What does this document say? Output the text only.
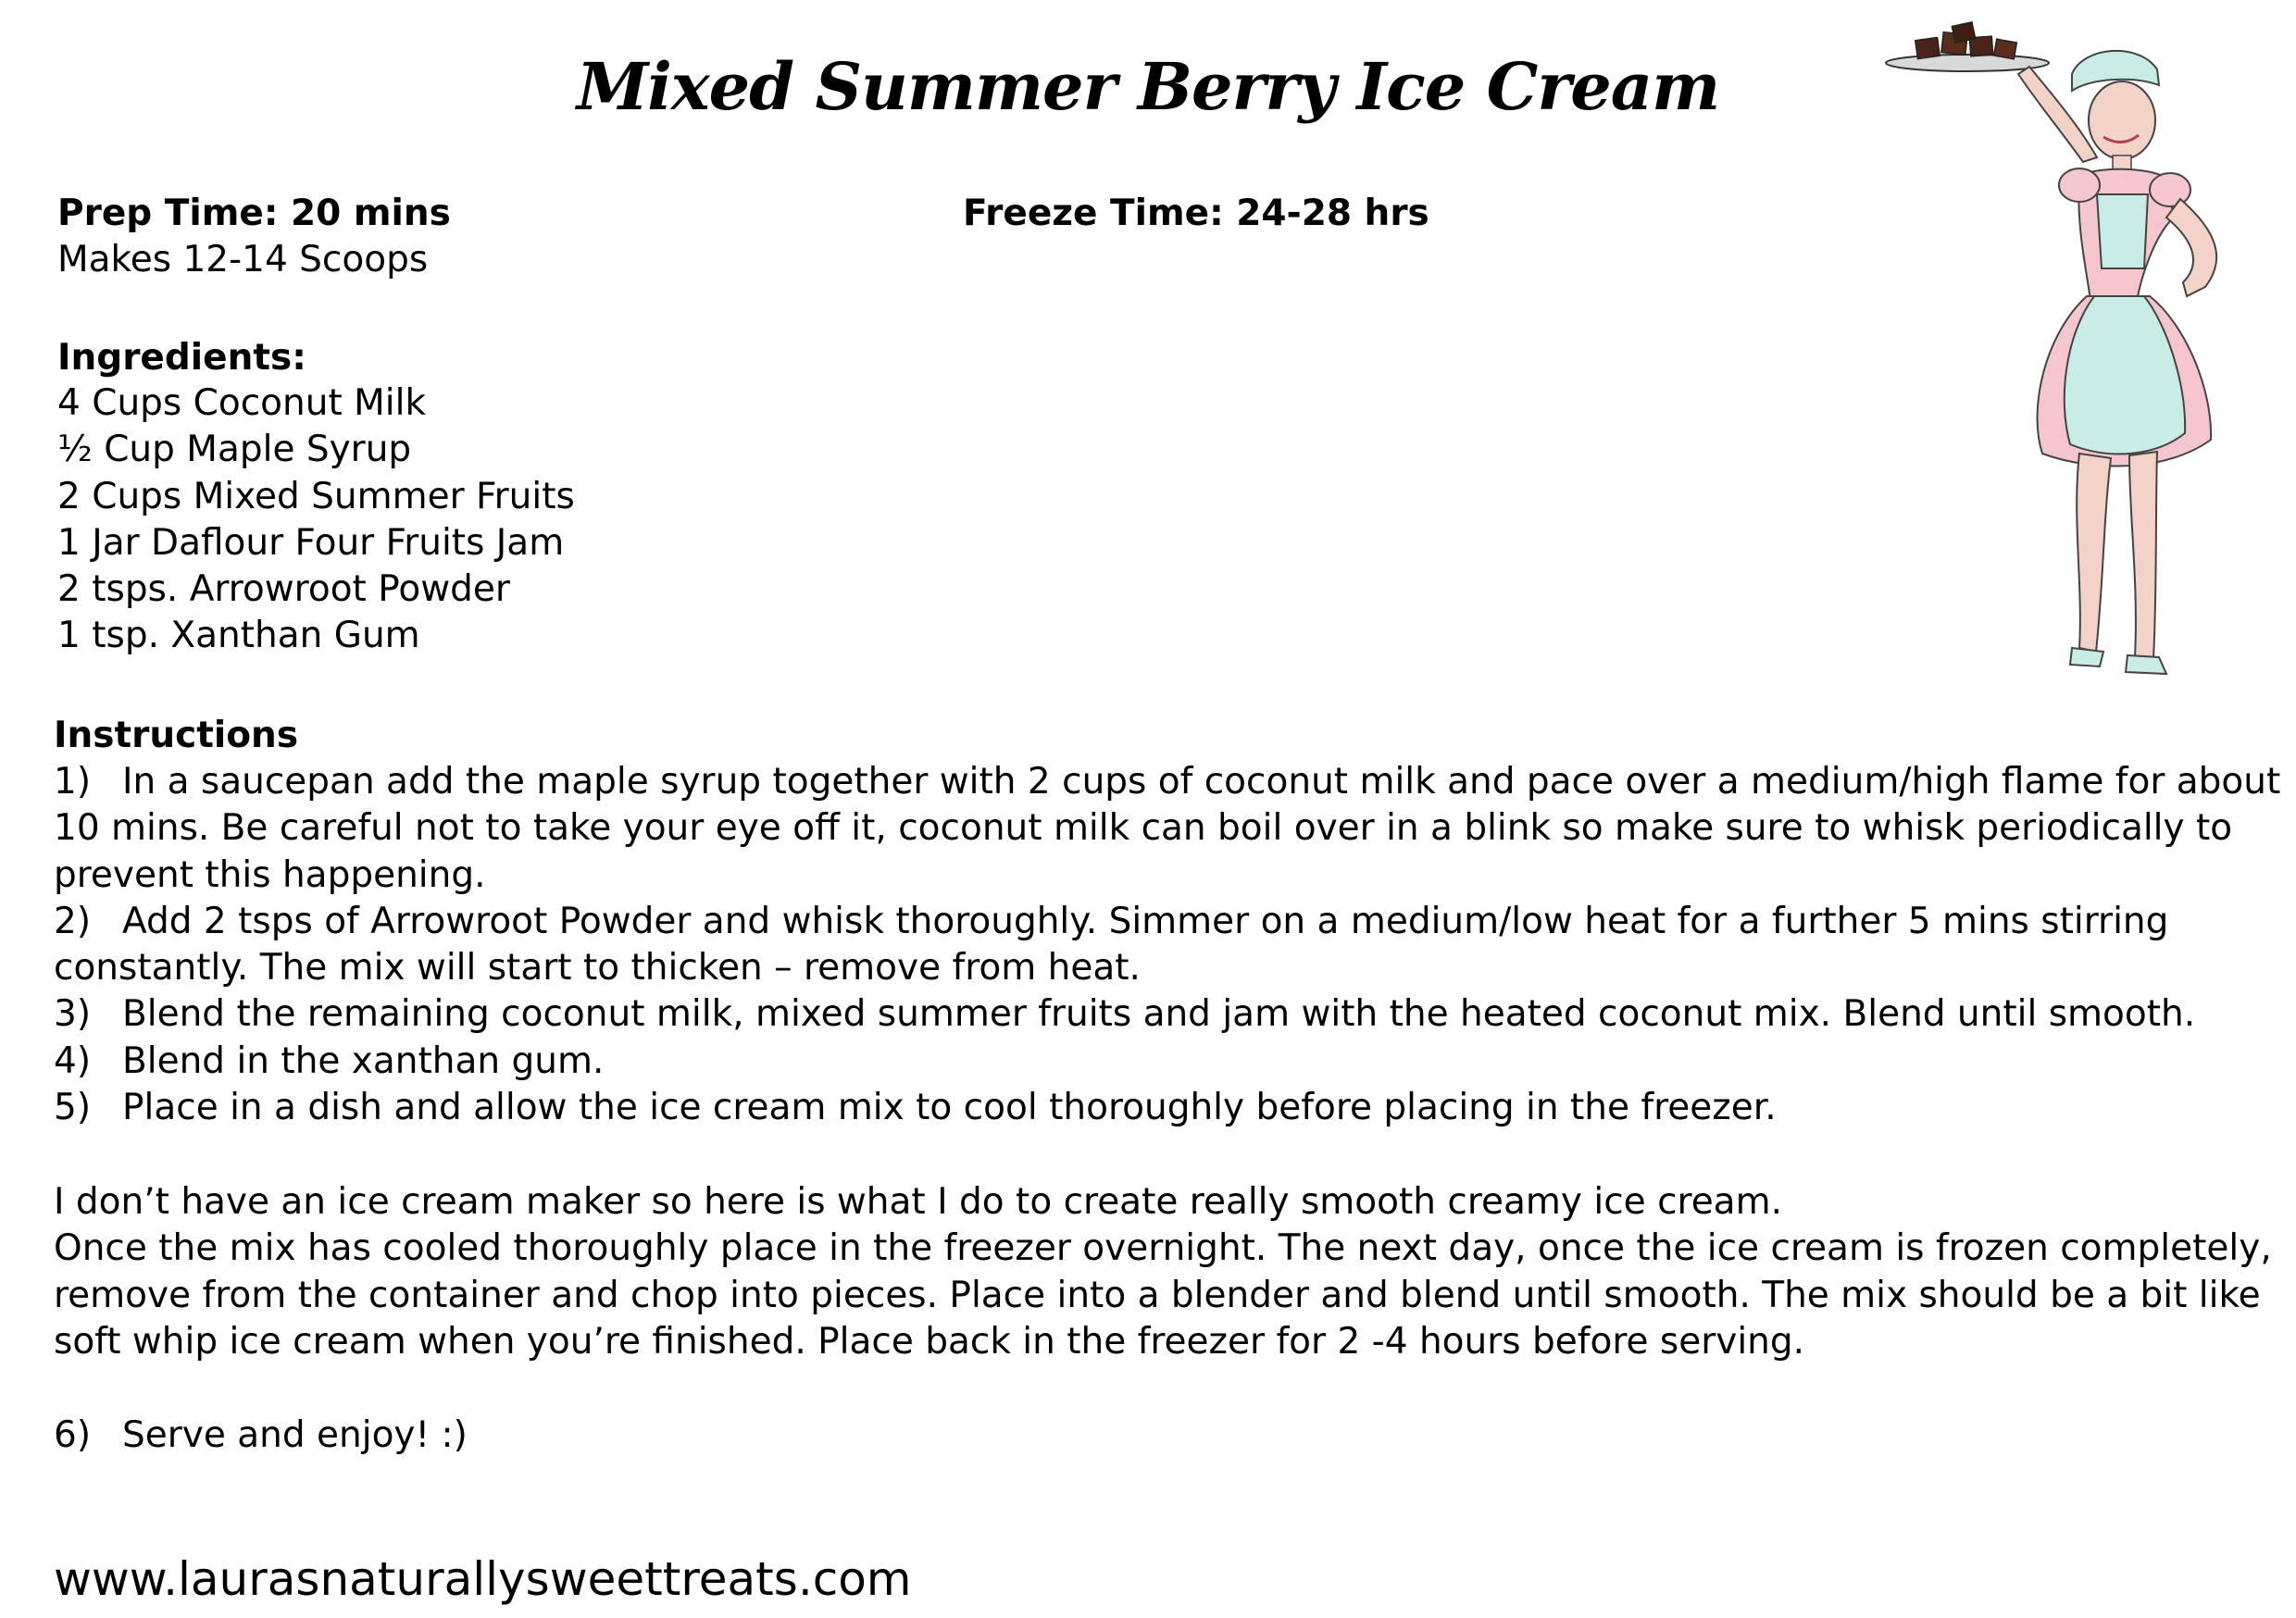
Mixed Summer Berry Ice Cream
Prep Time: 20 mins	Freeze Time: 24-28 hrs
Makes 12-14 Scoops
Ingredients:
4 Cups Coconut Milk
½ Cup Maple Syrup
2 Cups Mixed Summer Fruits
1 Jar Daflour Four Fruits Jam
2 tsps. Arrowroot Powder
1 tsp. Xanthan Gum
Instructions
1) In a saucepan add the maple syrup together with 2 cups of coconut milk and pace over a medium/high flame for about 10 mins. Be careful not to take your eye off it, coconut milk can boil over in a blink so make sure to whisk periodically to prevent this happening.
2) Add 2 tsps of Arrowroot Powder and whisk thoroughly. Simmer on a medium/low heat for a further 5 mins stirring constantly. The mix will start to thicken – remove from heat.
3) Blend the remaining coconut milk, mixed summer fruits and jam with the heated coconut mix. Blend until smooth.
4) Blend in the xanthan gum.
5) Place in a dish and allow the ice cream mix to cool thoroughly before placing in the freezer.

I don’t have an ice cream maker so here is what I do to create really smooth creamy ice cream.

Once the mix has cooled thoroughly place in the freezer overnight. The next day, once the ice cream is frozen completely, remove from the container and chop into pieces. Place into a blender and blend until smooth. The mix should be a bit like soft whip ice cream when you’re finished. Place back in the freezer for 2 -4 hours before serving.

6) Serve and enjoy! :)
www.laurasnaturallysweettreats.com
